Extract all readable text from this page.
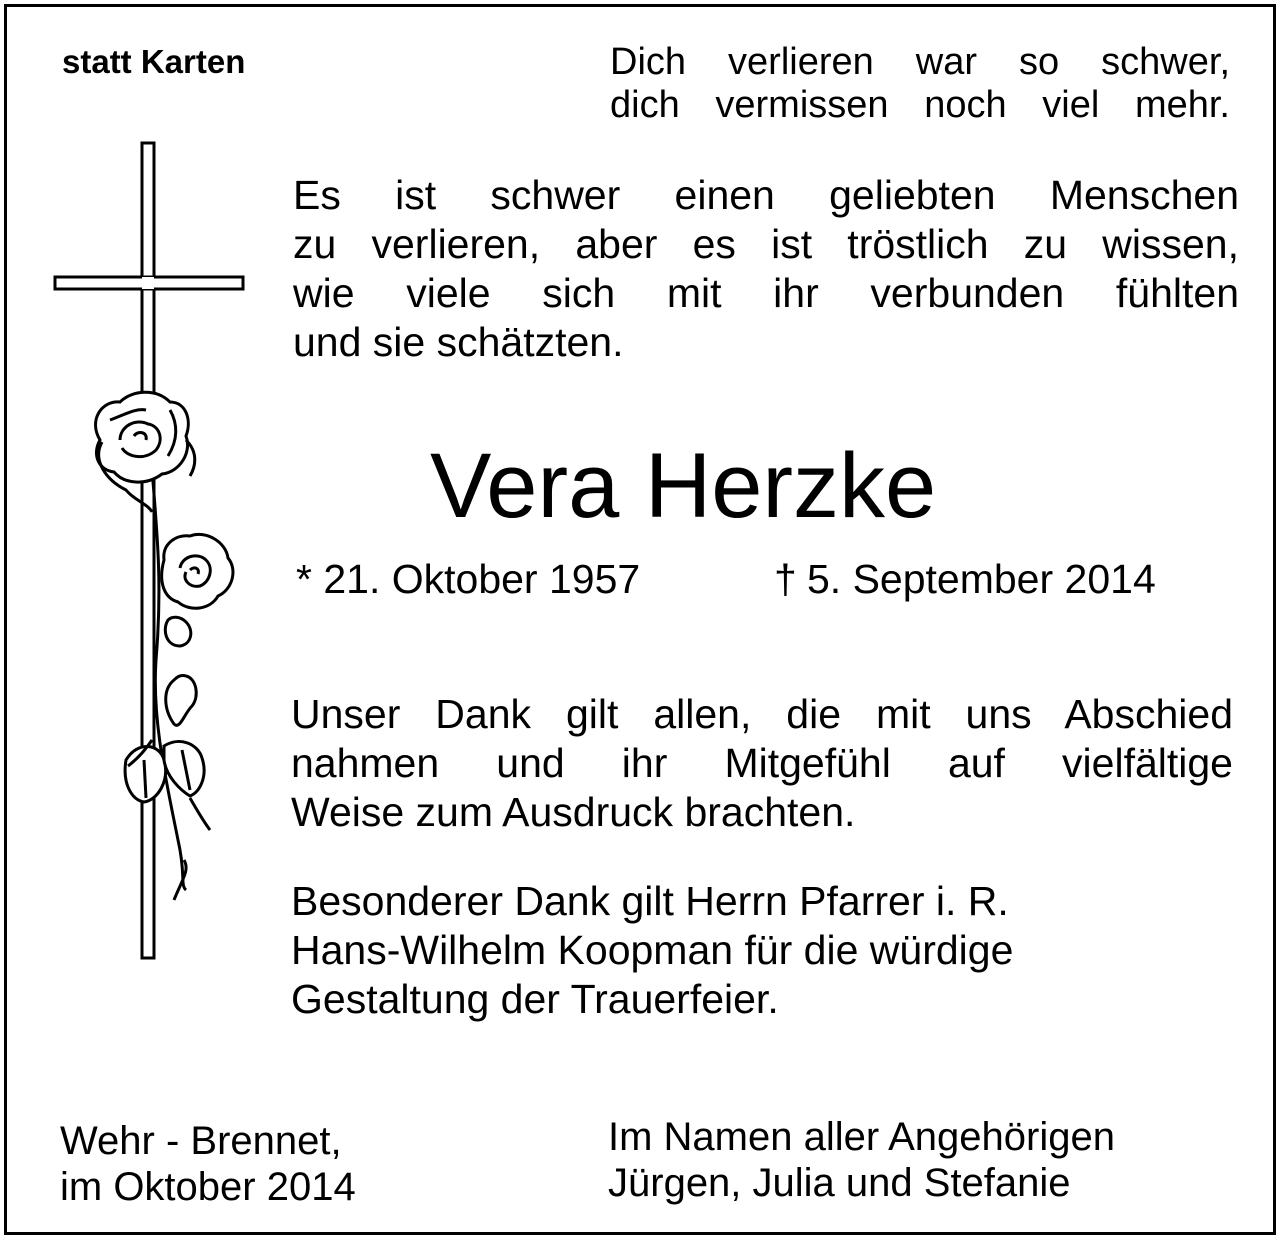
statt Karten	Dich verlieren war so schwer,
dich vermissen noch viel mehr.
Es ist schwer einen geliebten Menschen
zu verlieren, aber es ist tröstlich zu wissen,
wie viele sich mit ihr verbunden fühlten
und sie schätzten.
Vera Herzke
* 21. Oktober 1957	† 5. September 2014
Unser Dank gilt allen, die mit uns Abschied
nahmen und ihr Mitgefühl auf vielfältige
Weise zum Ausdruck brachten.
Besonderer Dank gilt Herrn Pfarrer i. R.
Hans-Wilhelm Koopman für die würdige
Gestaltung der Trauerfeier.
Wehr - Brennet,
im Oktober 2014
Im Namen aller Angehörigen
Jürgen, Julia und Stefanie
